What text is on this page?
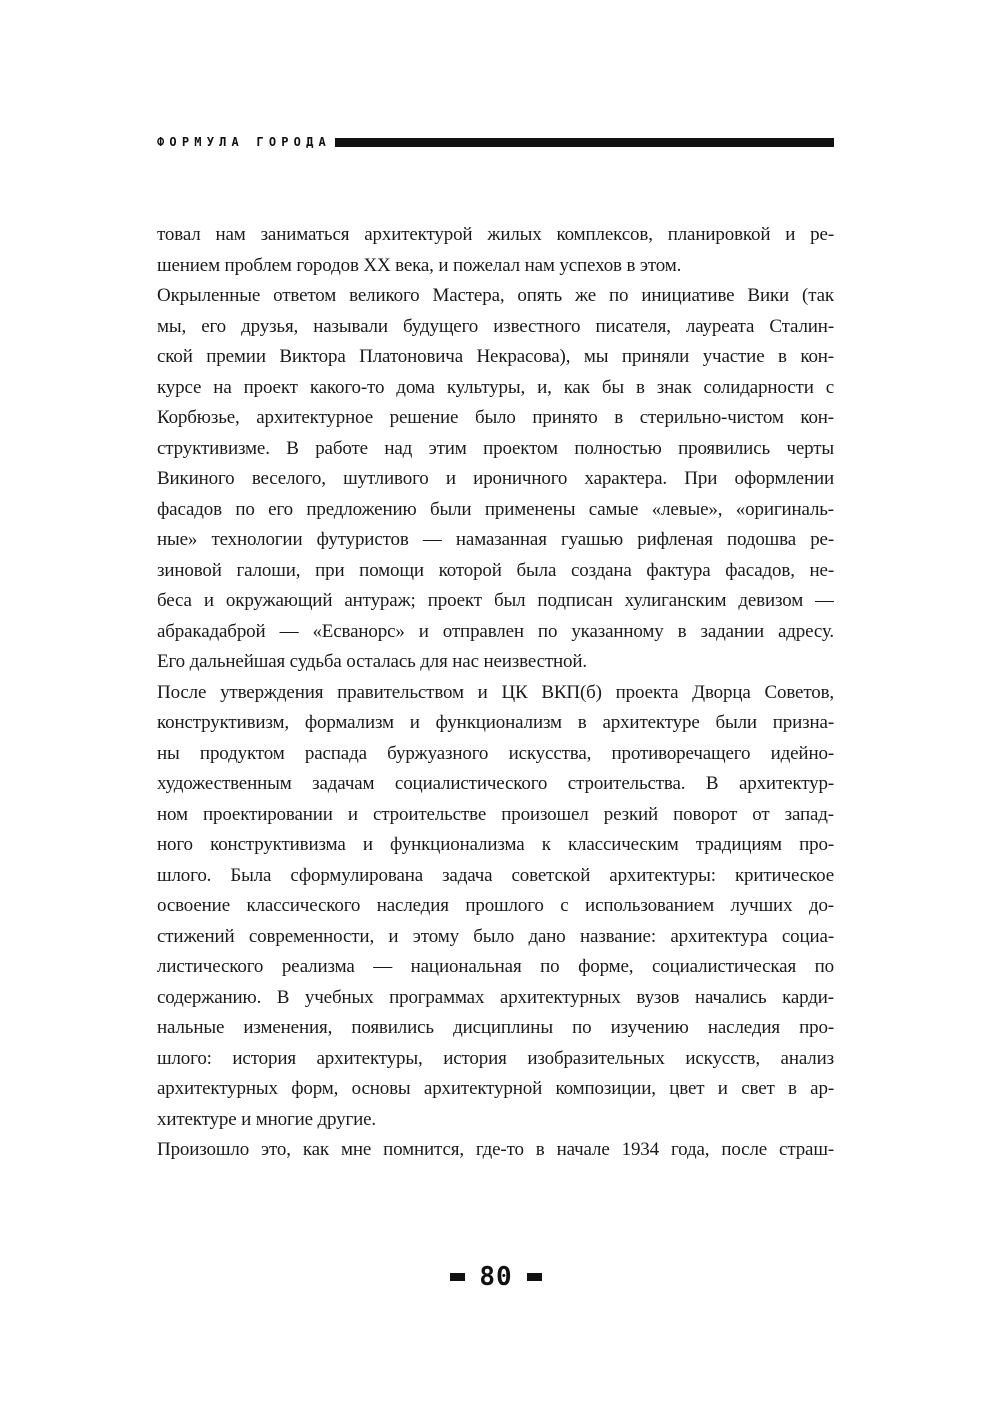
ФОРМУЛА ГОРОДА
товал нам заниматься архитектурой жилых комплексов, планировкой и ре-
шением проблем городов XX века, и пожелал нам успехов в этом.
Окрыленные ответом великого Мастера, опять же по инициативе Вики (так
мы, его друзья, называли будущего известного писателя, лауреата Сталин-
ской премии Виктора Платоновича Некрасова), мы приняли участие в кон-
курсе на проект какого-то дома культуры, и, как бы в знак солидарности с
Корбюзье, архитектурное решение было принято в стерильно-чистом кон-
структивизме. В работе над этим проектом полностью проявились черты
Викиного веселого, шутливого и ироничного характера. При оформлении
фасадов по его предложению были применены самые «левые», «оригиналь-
ные» технологии футуристов — намазанная гуашью рифленая подошва ре-
зиновой галоши, при помощи которой была создана фактура фасадов, не-
беса и окружающий антураж; проект был подписан хулиганским девизом —
абракадаброй — «Есванорс» и отправлен по указанному в задании адресу.
Его дальнейшая судьба осталась для нас неизвестной.
После утверждения правительством и ЦК ВКП(б) проекта Дворца Советов,
конструктивизм, формализм и функционализм в архитектуре были призна-
ны продуктом распада буржуазного искусства, противоречащего идейно-
художественным задачам социалистического строительства. В архитектур-
ном проектировании и строительстве произошел резкий поворот от запад-
ного конструктивизма и функционализма к классическим традициям про-
шлого. Была сформулирована задача советской архитектуры: критическое
освоение классического наследия прошлого с использованием лучших до-
стижений современности, и этому было дано название: архитектура социа-
листического реализма — национальная по форме, социалистическая по
содержанию. В учебных программах архитектурных вузов начались карди-
нальные изменения, появились дисциплины по изучению наследия про-
шлого: история архитектуры, история изобразительных искусств, анализ
архитектурных форм, основы архитектурной композиции, цвет и свет в ар-
хитектуре и многие другие.
Произошло это, как мне помнится, где-то в начале 1934 года, после страш-
80
